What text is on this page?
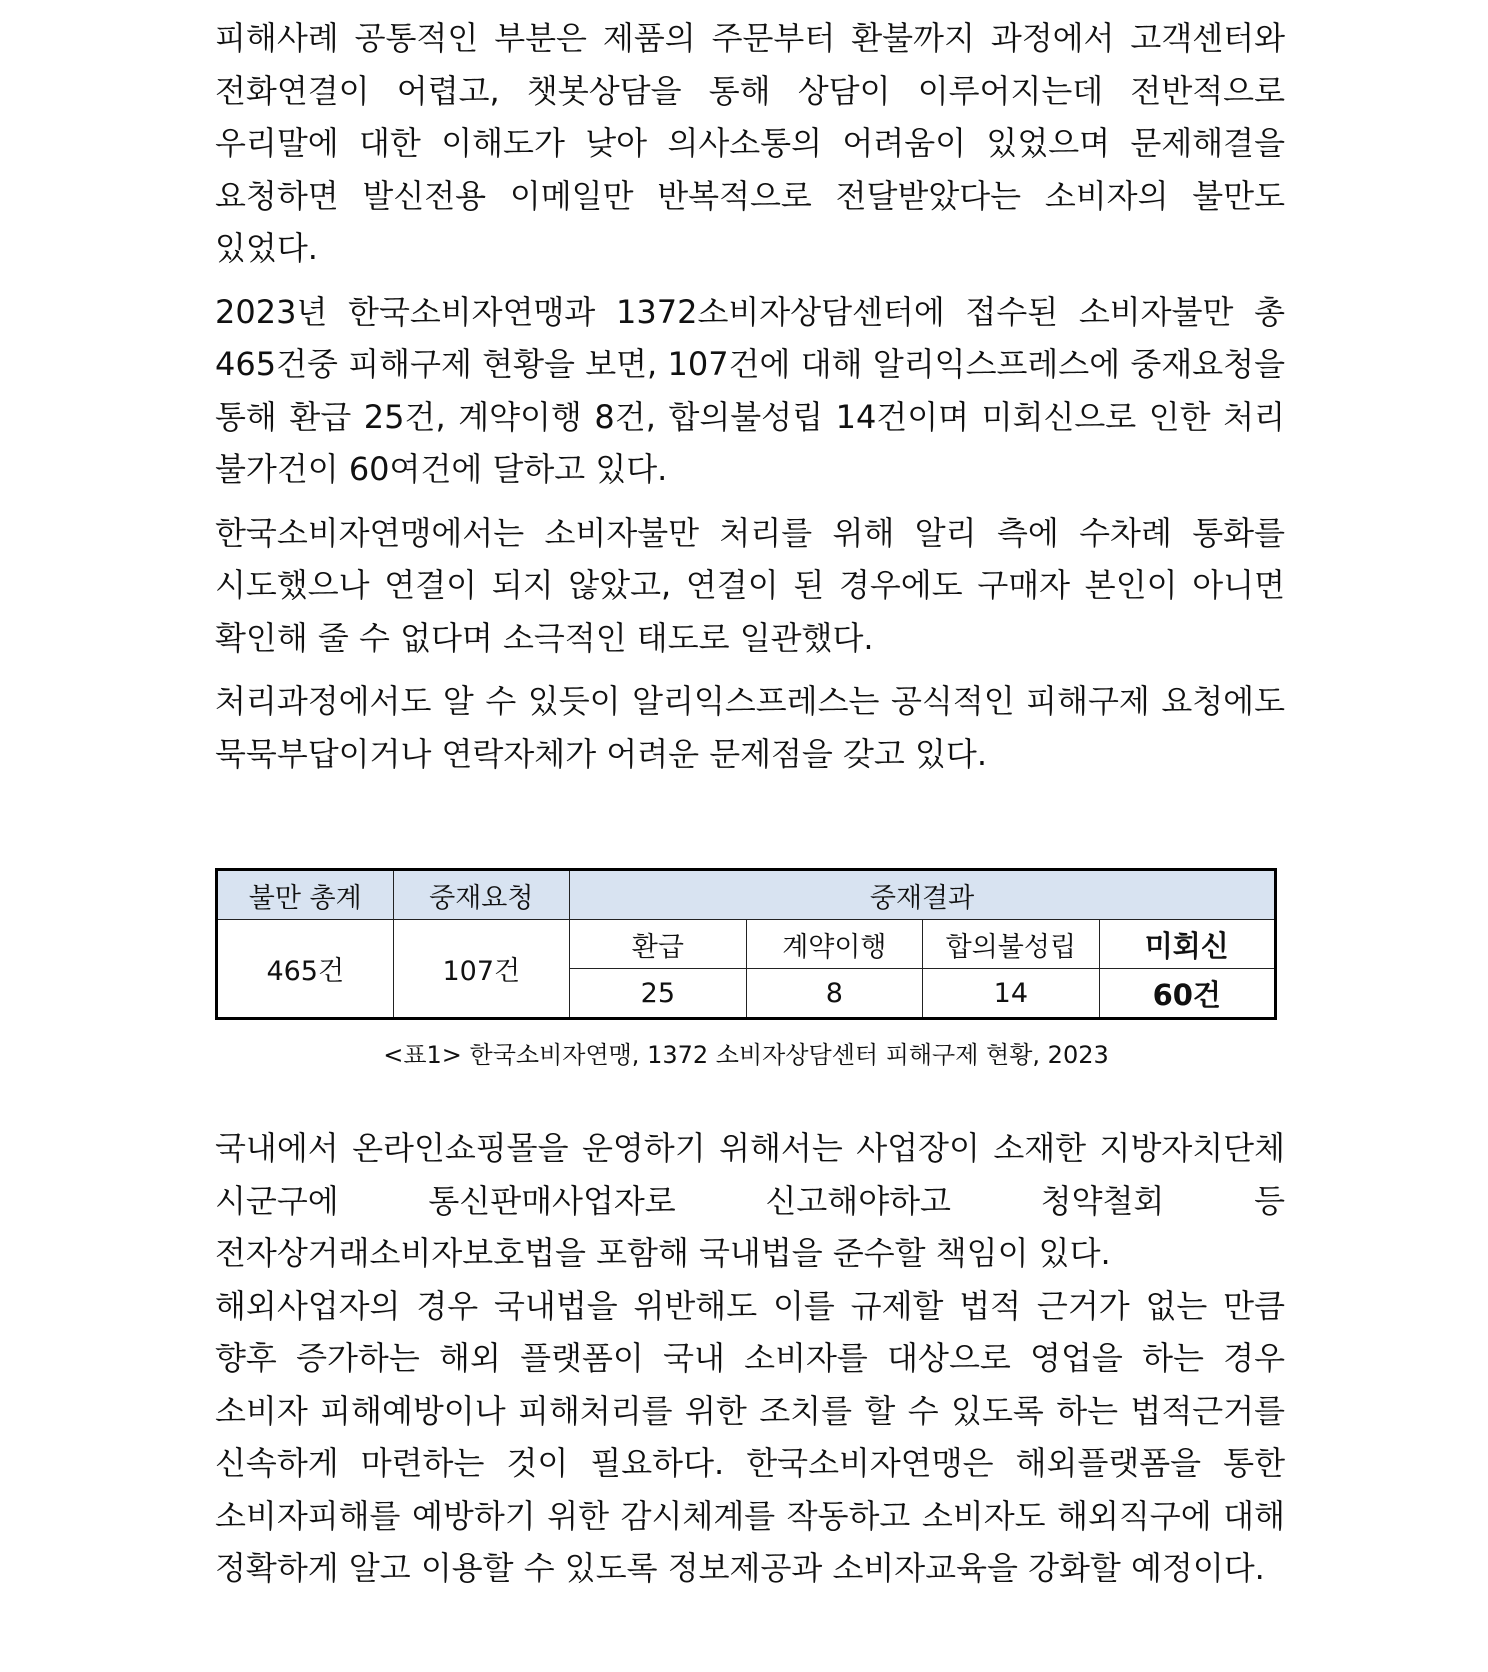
피해사례 공통적인 부분은 제품의 주문부터 환불까지 과정에서 고객센터와 전화연결이 어렵고, 챗봇상담을 통해 상담이 이루어지는데 전반적으로 우리말에 대한 이해도가 낮아 의사소통의 어려움이 있었으며 문제해결을 요청하면 발신전용 이메일만 반복적으로 전달받았다는 소비자의 불만도 있었다.

2023년 한국소비자연맹과 1372소비자상담센터에 접수된 소비자불만 총 465건중 피해구제 현황을 보면, 107건에 대해 알리익스프레스에 중재요청을 통해 환급 25건, 계약이행 8건, 합의불성립 14건이며 미회신으로 인한 처리 불가건이 60여건에 달하고 있다.

한국소비자연맹에서는 소비자불만 처리를 위해 알리 측에 수차례 통화를 시도했으나 연결이 되지 않았고, 연결이 된 경우에도 구매자 본인이 아니면 확인해 줄 수 없다며 소극적인 태도로 일관했다.

처리과정에서도 알 수 있듯이 알리익스프레스는 공식적인 피해구제 요청에도 묵묵부답이거나 연락자체가 어려운 문제점을 갖고 있다.

불만 총계	중재요청	중재결과			
465건	107건	환급	계약이행	합의불성립	미회신
		25	8	14	60건

<표1> 한국소비자연맹, 1372 소비자상담센터 피해구제 현황, 2023

국내에서 온라인쇼핑몰을 운영하기 위해서는 사업장이 소재한 지방자치단체 시군구에 통신판매사업자로 신고해야하고 청약철회 등 전자상거래소비자보호법을 포함해 국내법을 준수할 책임이 있다.

해외사업자의 경우 국내법을 위반해도 이를 규제할 법적 근거가 없는 만큼 향후 증가하는 해외 플랫폼이 국내 소비자를 대상으로 영업을 하는 경우 소비자 피해예방이나 피해처리를 위한 조치를 할 수 있도록 하는 법적근거를 신속하게 마련하는 것이 필요하다. 한국소비자연맹은 해외플랫폼을 통한 소비자피해를 예방하기 위한 감시체계를 작동하고 소비자도 해외직구에 대해 정확하게 알고 이용할 수 있도록 정보제공과 소비자교육을 강화할 예정이다.
